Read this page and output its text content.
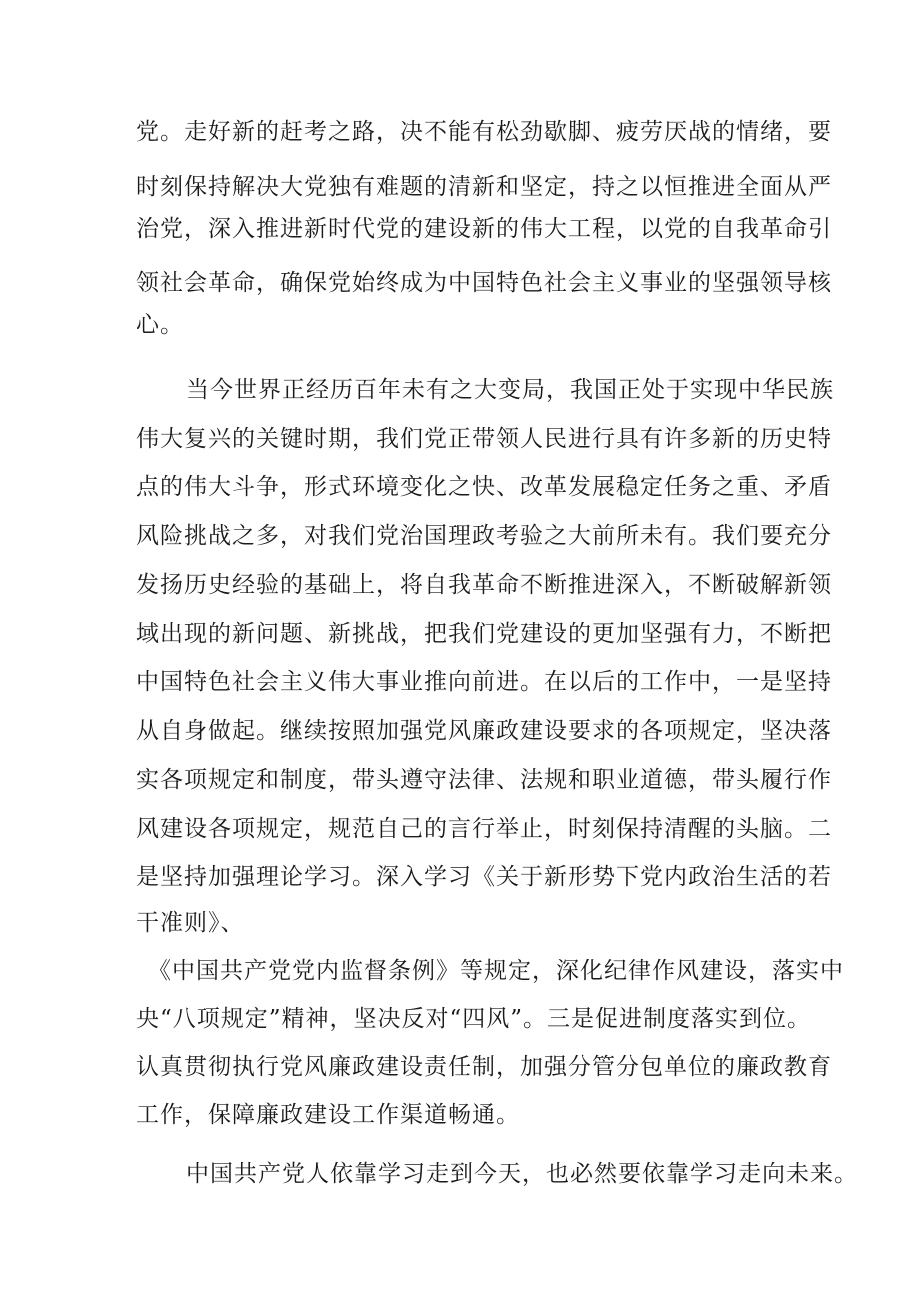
党。走好新的赶考之路，决不能有松劲歇脚、疲劳厌战的情绪，要
时刻保持解决大党独有难题的清新和坚定，持之以恒推进全面从严
治党，深入推进新时代党的建设新的伟大工程，以党的自我革命引
领社会革命，确保党始终成为中国特色社会主义事业的坚强领导核
心。
当今世界正经历百年未有之大变局，我国正处于实现中华民族
伟大复兴的关键时期，我们党正带领人民进行具有许多新的历史特
点的伟大斗争，形式环境变化之快、改革发展稳定任务之重、矛盾
风险挑战之多，对我们党治国理政考验之大前所未有。我们要充分
发扬历史经验的基础上，将自我革命不断推进深入，不断破解新领
域出现的新问题、新挑战，把我们党建设的更加坚强有力，不断把
中国特色社会主义伟大事业推向前进。在以后的工作中，一是坚持
从自身做起。继续按照加强党风廉政建设要求的各项规定，坚决落
实各项规定和制度，带头遵守法律、法规和职业道德，带头履行作
风建设各项规定，规范自己的言行举止，时刻保持清醒的头脑。二
是坚持加强理论学习。深入学习《关于新形势下党内政治生活的若
干准则》、
《中国共产党党内监督条例》等规定，深化纪律作风建设，落实中
央“八项规定”精神，坚决反对“四风”。三是促进制度落实到位。
认真贯彻执行党风廉政建设责任制，加强分管分包单位的廉政教育
工作，保障廉政建设工作渠道畅通。
中国共产党人依靠学习走到今天，也必然要依靠学习走向未来。
